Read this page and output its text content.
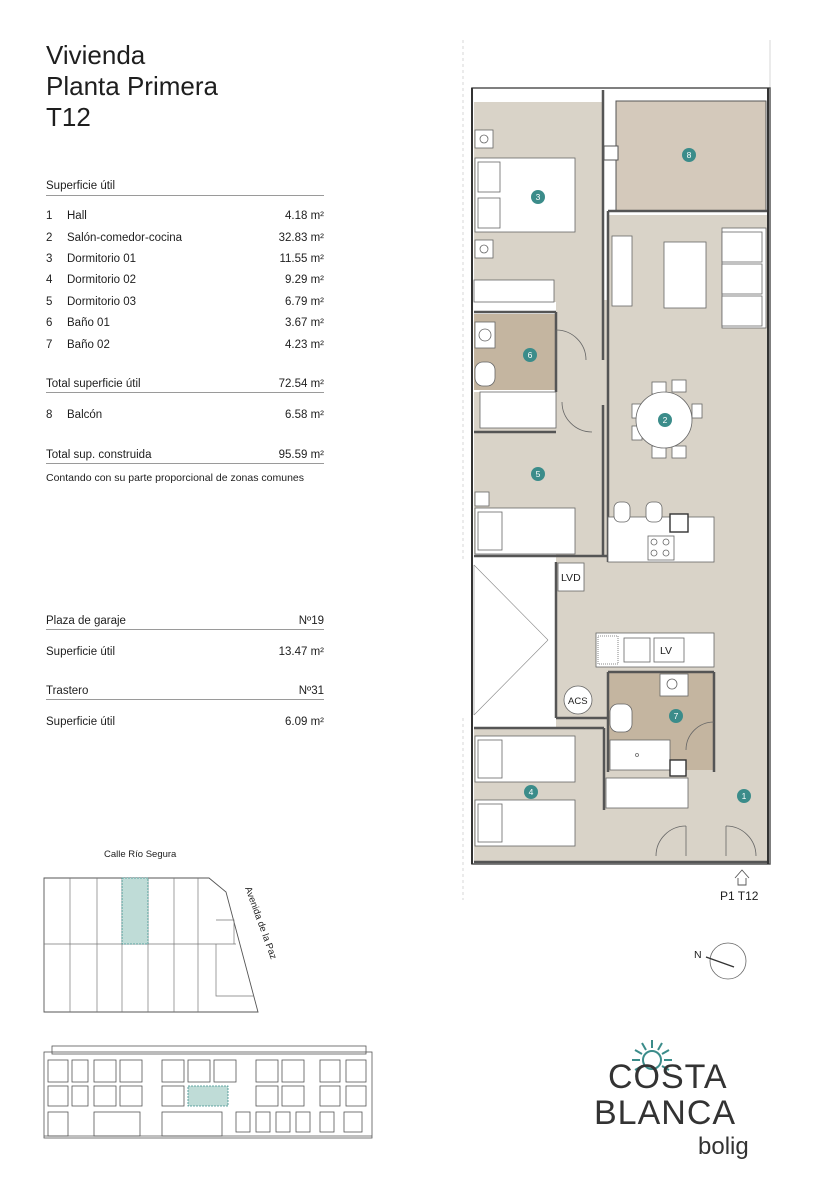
Vivienda
Planta Primera
T12
Superficie útil
1 Hall	4.18 m²
2 Salón-comedor-cocina	32.83 m²
3 Dormitorio 01	11.55 m²
4 Dormitorio 02	9.29 m²
5 Dormitorio 03	6.79 m²
6 Baño 01	3.67 m²
7 Baño 02	4.23 m²
Total superficie útil	72.54 m²
8 Balcón	6.58 m²
Total sup. construida	95.59 m²
Contando con su parte proporcional de zonas comunes
Plaza de garaje	Nº19
Superficie útil	13.47 m²
Trastero	Nº31
Superficie útil	6.09 m²
1
2
3
4
5
6
7
8
LVD
LV
ACS
P1 T12
N
Calle Río Segura
Avenida de la Paz
COSTA
BLANCA
bolig
